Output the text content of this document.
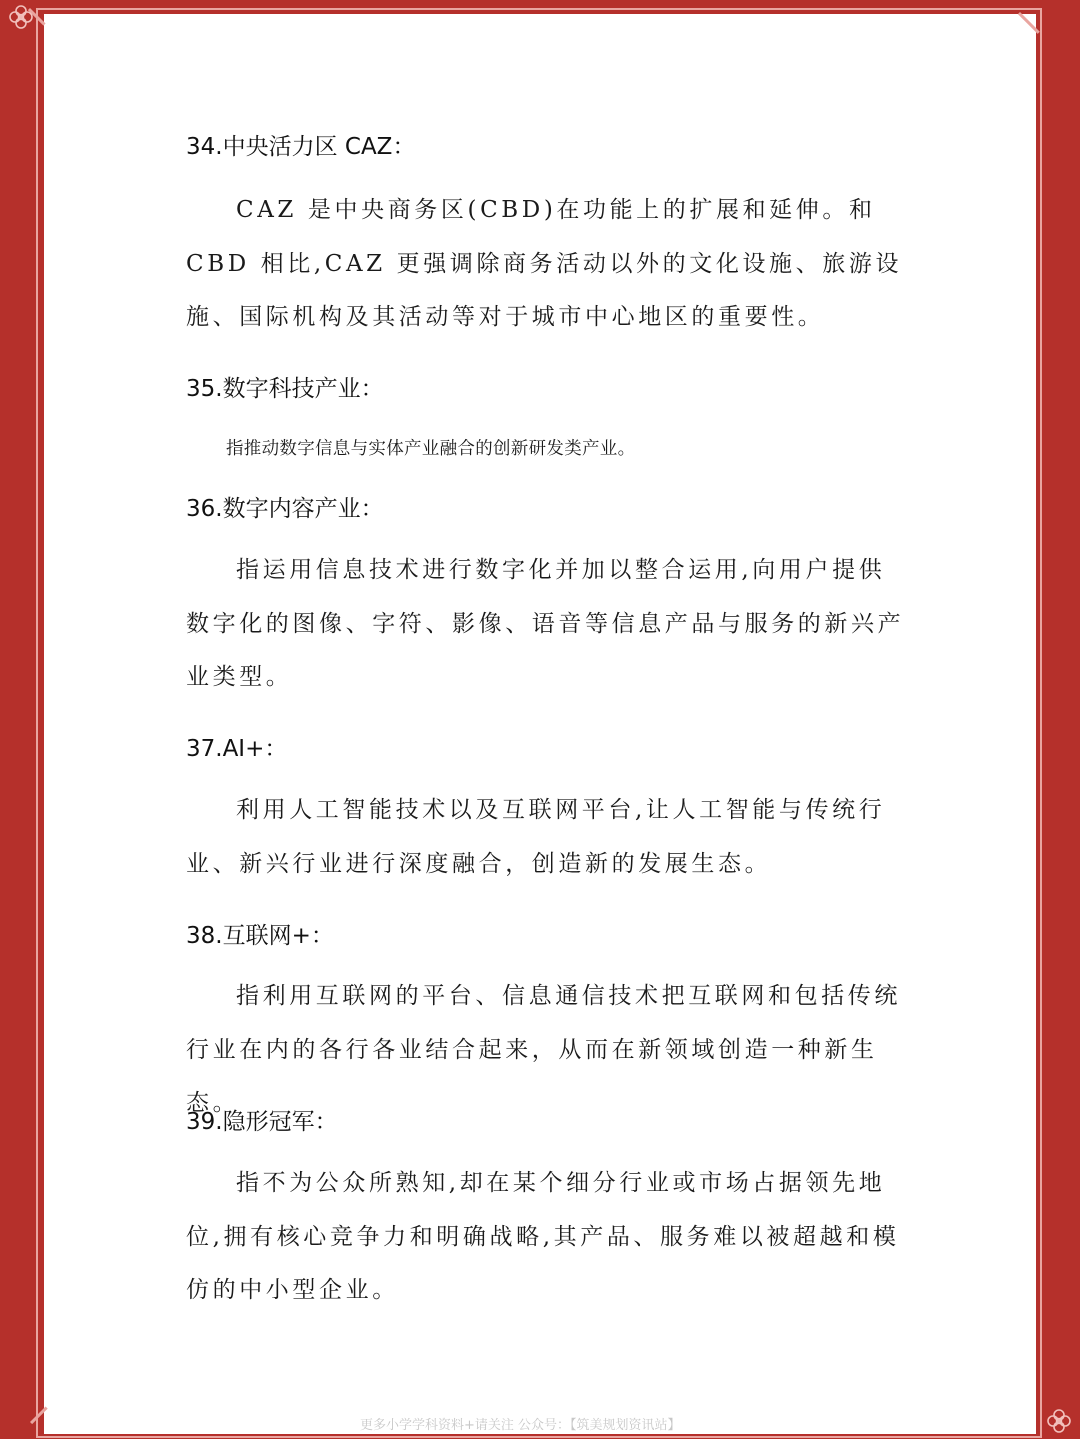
34.中央活力区 CAZ：
CAZ 是中央商务区(CBD)在功能上的扩展和延伸。和 CBD 相比,CAZ 更强调除商务活动以外的文化设施、旅游设施、国际机构及其活动等对于城市中心地区的重要性。
35.数字科技产业：
指推动数字信息与实体产业融合的创新研发类产业。
36.数字内容产业：
指运用信息技术进行数字化并加以整合运用,向用户提供数字化的图像、字符、影像、语音等信息产品与服务的新兴产业类型。
37.AI+：
利用人工智能技术以及互联网平台,让人工智能与传统行业、新兴行业进行深度融合，创造新的发展生态。
38.互联网+：
指利用互联网的平台、信息通信技术把互联网和包括传统行业在内的各行各业结合起来，从而在新领域创造一种新生态。
39.隐形冠军：
指不为公众所熟知,却在某个细分行业或市场占据领先地位,拥有核心竞争力和明确战略,其产品、服务难以被超越和模仿的中小型企业。
更多小学学科资料+请关注 公众号：【筑美规划资讯站】
